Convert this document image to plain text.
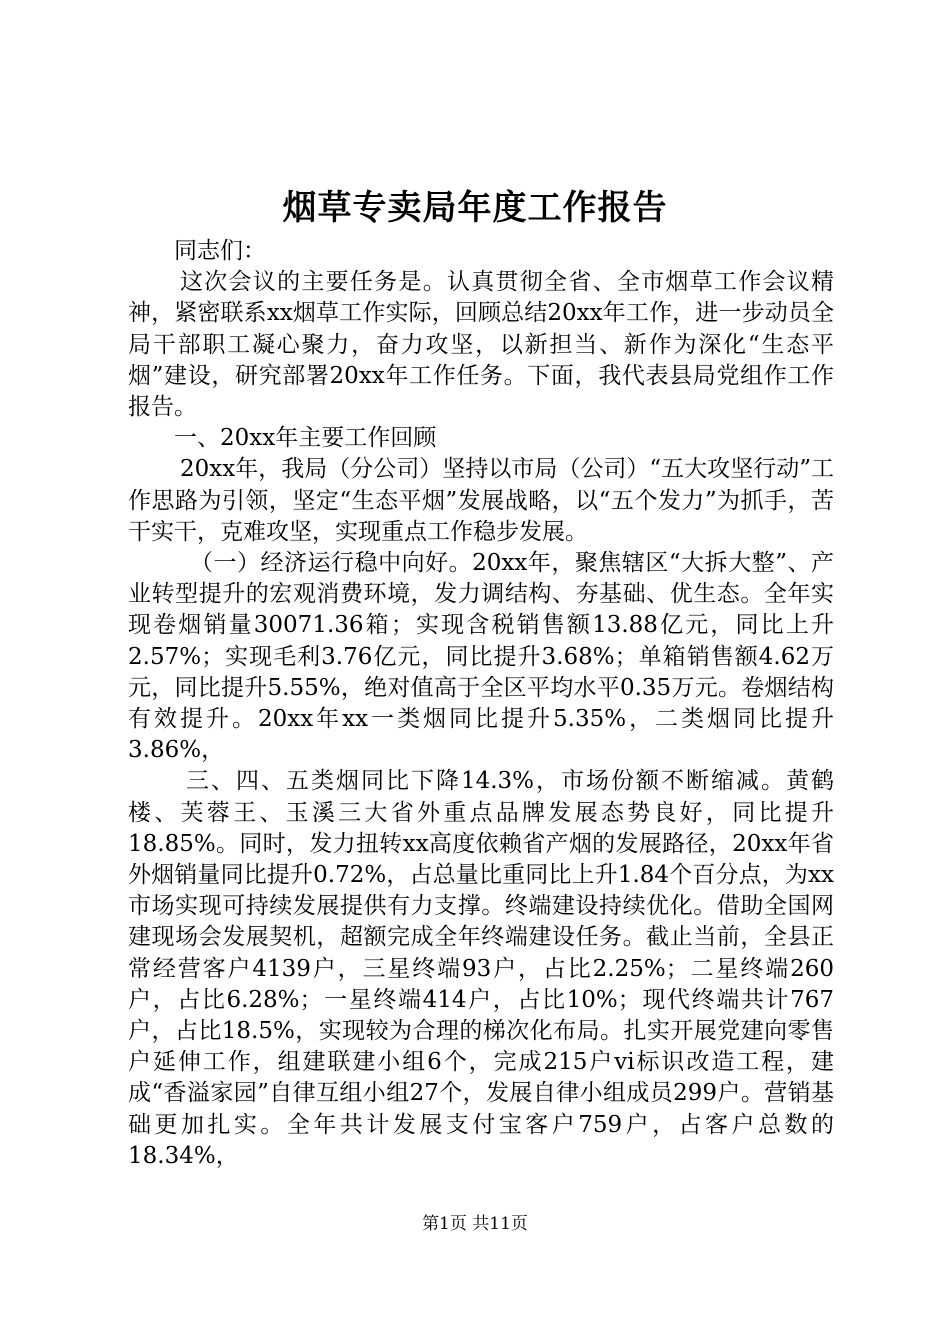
烟草专卖局年度工作报告

同志们：

这次会议的主要任务是。认真贯彻全省、全市烟草工作会议精神，紧密联系xx烟草工作实际，回顾总结20xx年工作，进一步动员全局干部职工凝心聚力，奋力攻坚，以新担当、新作为深化“生态平烟”建设，研究部署20xx年工作任务。下面，我代表县局党组作工作报告。

一、20xx年主要工作回顾

20xx年，我局（分公司）坚持以市局（公司）“五大攻坚行动”工作思路为引领，坚定“生态平烟”发展战略，以“五个发力”为抓手，苦干实干，克难攻坚，实现重点工作稳步发展。

（一）经济运行稳中向好。20xx年，聚焦辖区“大拆大整”、产业转型提升的宏观消费环境，发力调结构、夯基础、优生态。全年实现卷烟销量30071.36箱；实现含税销售额13.88亿元，同比上升2.57%；实现毛利3.76亿元，同比提升3.68%；单箱销售额4.62万元，同比提升5.55%，绝对值高于全区平均水平0.35万元。卷烟结构有效提升。20xx年xx一类烟同比提升5.35%，二类烟同比提升3.86%，

三、四、五类烟同比下降14.3%，市场份额不断缩减。黄鹤楼、芙蓉王、玉溪三大省外重点品牌发展态势良好，同比提升18.85%。同时，发力扭转xx高度依赖省产烟的发展路径，20xx年省外烟销量同比提升0.72%，占总量比重同比上升1.84个百分点，为xx市场实现可持续发展提供有力支撑。终端建设持续优化。借助全国网建现场会发展契机，超额完成全年终端建设任务。截止当前，全县正常经营客户4139户，三星终端93户，占比2.25%；二星终端260户，占比6.28%；一星终端414户，占比10%；现代终端共计767户，占比18.5%，实现较为合理的梯次化布局。扎实开展党建向零售户延伸工作，组建联建小组6个，完成215户vi标识改造工程，建成“香溢家园”自律互组小组27个，发展自律小组成员299户。营销基础更加扎实。全年共计发展支付宝客户759户，占客户总数的18.34%，

第1页 共11页
